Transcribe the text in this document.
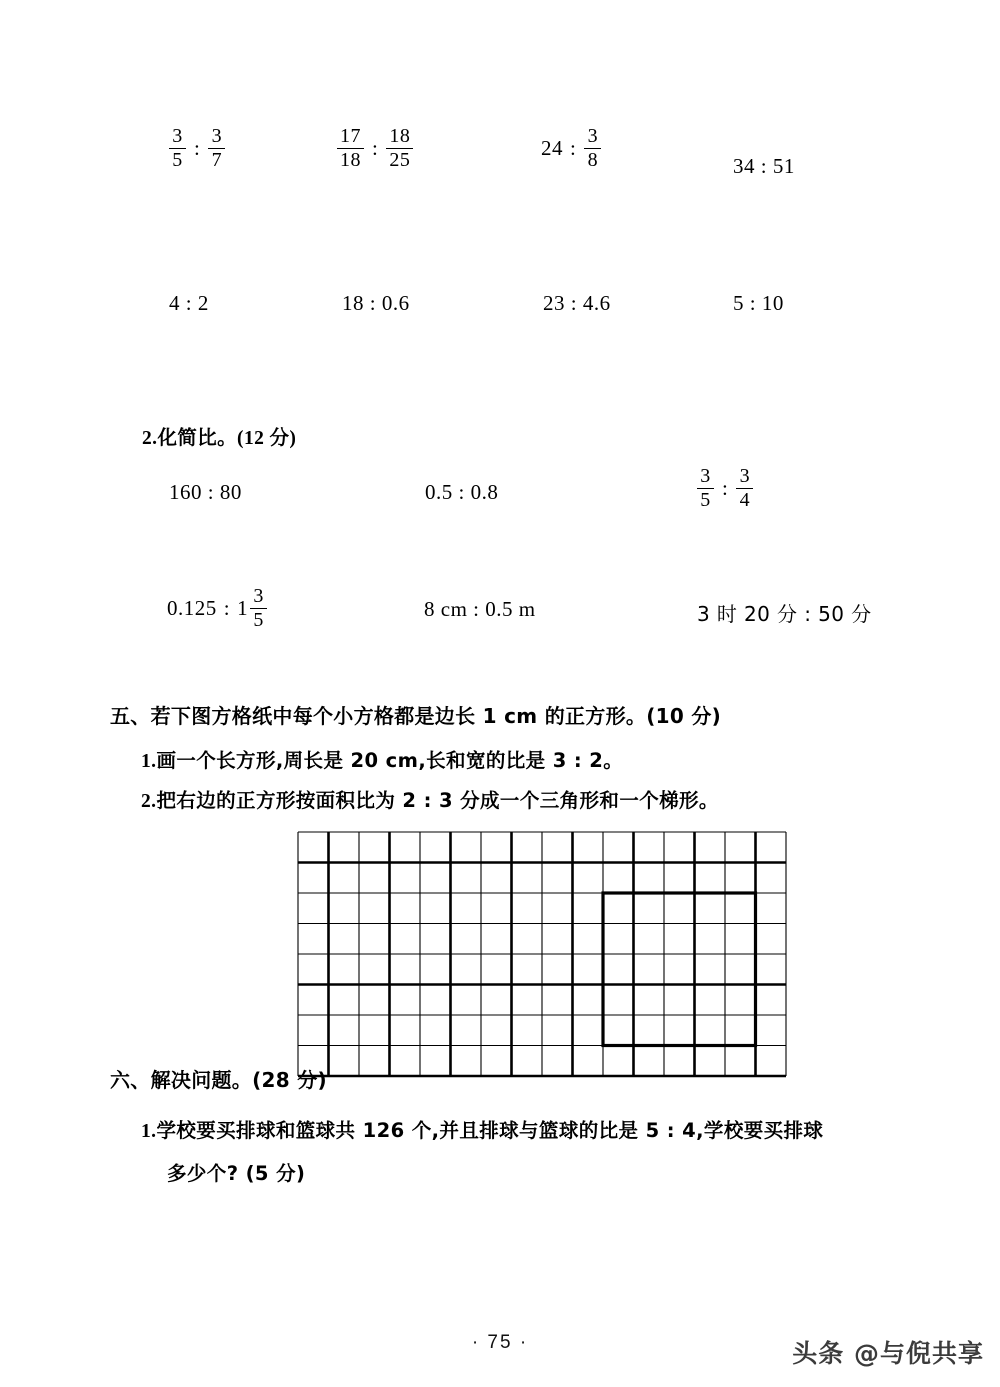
$\frac{3}{5}$ : $\frac{3}{7}$	$\frac{17}{18}$ : $\frac{18}{25}$	24 : $\frac{3}{8}$	34 : 51
4 : 2	18 : 0.6	23 : 4.6	5 : 10
2.化简比。(12 分)
160 : 80	0.5 : 0.8	$\frac{3}{5}$ : $\frac{3}{4}$
0.125 : $1 \frac{3}{5}$	8 cm : 0.5 m	3 时 20 分 : 50 分
五、若下图方格纸中每个小方格都是边长 1 cm 的正方形。(10 分)
1.画一个长方形,周长是 20 cm,长和宽的比是 3 : 2。
2.把右边的正方形按面积比为 2 : 3 分成一个三角形和一个梯形。
六、解决问题。(28 分)
1.学校要买排球和篮球共 126 个,并且排球与篮球的比是 5 : 4,学校要买排球
多少个? (5 分)
· 75 ·	头条 @与倪共享
